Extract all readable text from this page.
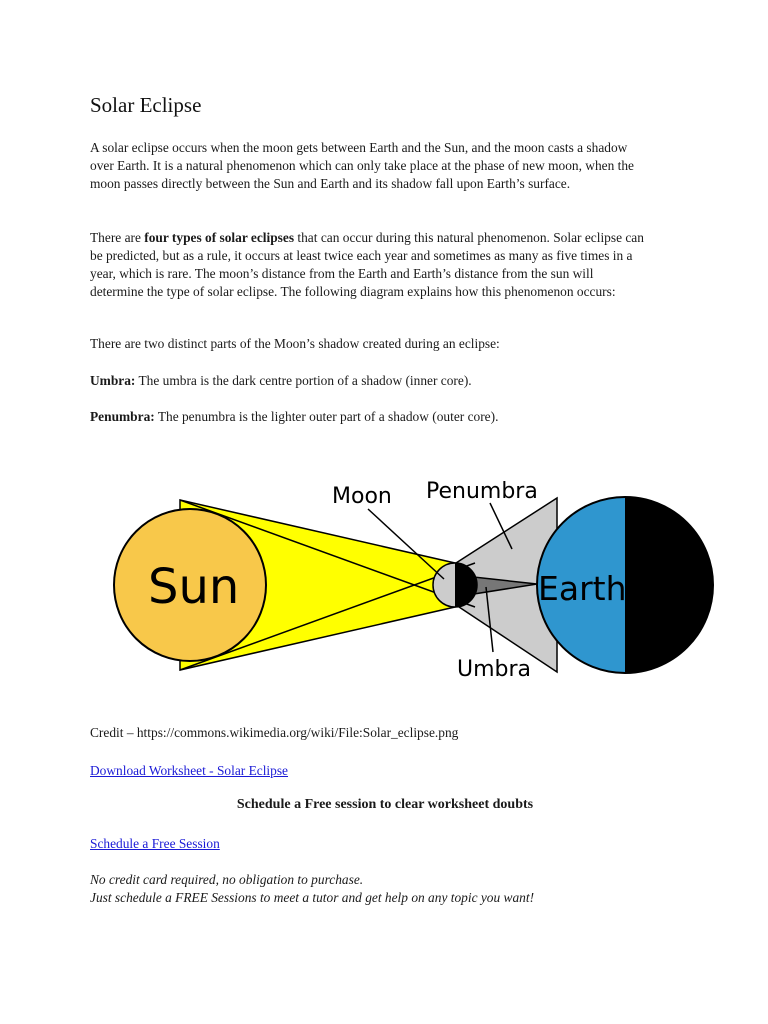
Solar Eclipse

A solar eclipse occurs when the moon gets between Earth and the Sun, and the moon casts a shadow over Earth. It is a natural phenomenon which can only take place at the phase of new moon, when the moon passes directly between the Sun and Earth and its shadow fall upon Earth’s surface.

There are four types of solar eclipses that can occur during this natural phenomenon. Solar eclipse can be predicted, but as a rule, it occurs at least twice each year and sometimes as many as five times in a year, which is rare. The moon’s distance from the Earth and Earth’s distance from the sun will determine the type of solar eclipse. The following diagram explains how this phenomenon occurs:

There are two distinct parts of the Moon’s shadow created during an eclipse:

Umbra: The umbra is the dark centre portion of a shadow (inner core).

Penumbra: The penumbra is the lighter outer part of a shadow (outer core).

Credit – https://commons.wikimedia.org/wiki/File:Solar_eclipse.png
Download Worksheet - Solar Eclipse

Schedule a Free session to clear worksheet doubts

Schedule a Free Session

No credit card required, no obligation to purchase.
Just schedule a FREE Sessions to meet a tutor and get help on any topic you want!

Sun	Earth
Moon Penumbra
Umbra
